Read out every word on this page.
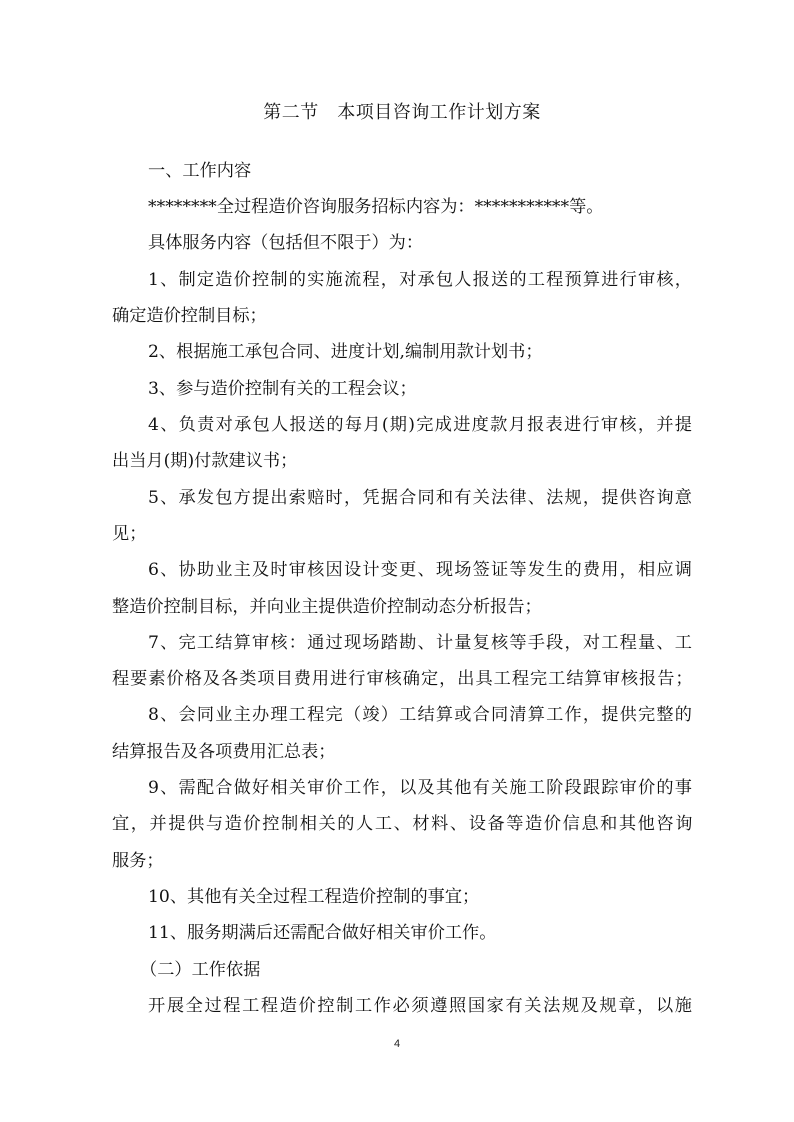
第二节　本项目咨询工作计划方案
一、工作内容
********全过程造价咨询服务招标内容为：***********等。
具体服务内容（包括但不限于）为：
1、制定造价控制的实施流程，对承包人报送的工程预算进行审核，
确定造价控制目标；
2、根据施工承包合同、进度计划,编制用款计划书；
3、参与造价控制有关的工程会议；
4、负责对承包人报送的每月(期)完成进度款月报表进行审核，并提
出当月(期)付款建议书；
5、承发包方提出索赔时，凭据合同和有关法律、法规，提供咨询意
见；
6、协助业主及时审核因设计变更、现场签证等发生的费用，相应调
整造价控制目标，并向业主提供造价控制动态分析报告；
7、完工结算审核：通过现场踏勘、计量复核等手段，对工程量、工
程要素价格及各类项目费用进行审核确定，出具工程完工结算审核报告；
8、会同业主办理工程完（竣）工结算或合同清算工作，提供完整的
结算报告及各项费用汇总表；
9、需配合做好相关审价工作，以及其他有关施工阶段跟踪审价的事
宜，并提供与造价控制相关的人工、材料、设备等造价信息和其他咨询
服务；
10、其他有关全过程工程造价控制的事宜；
11、服务期满后还需配合做好相关审价工作。
（二）工作依据
开展全过程工程造价控制工作必须遵照国家有关法规及规章，以施
4
